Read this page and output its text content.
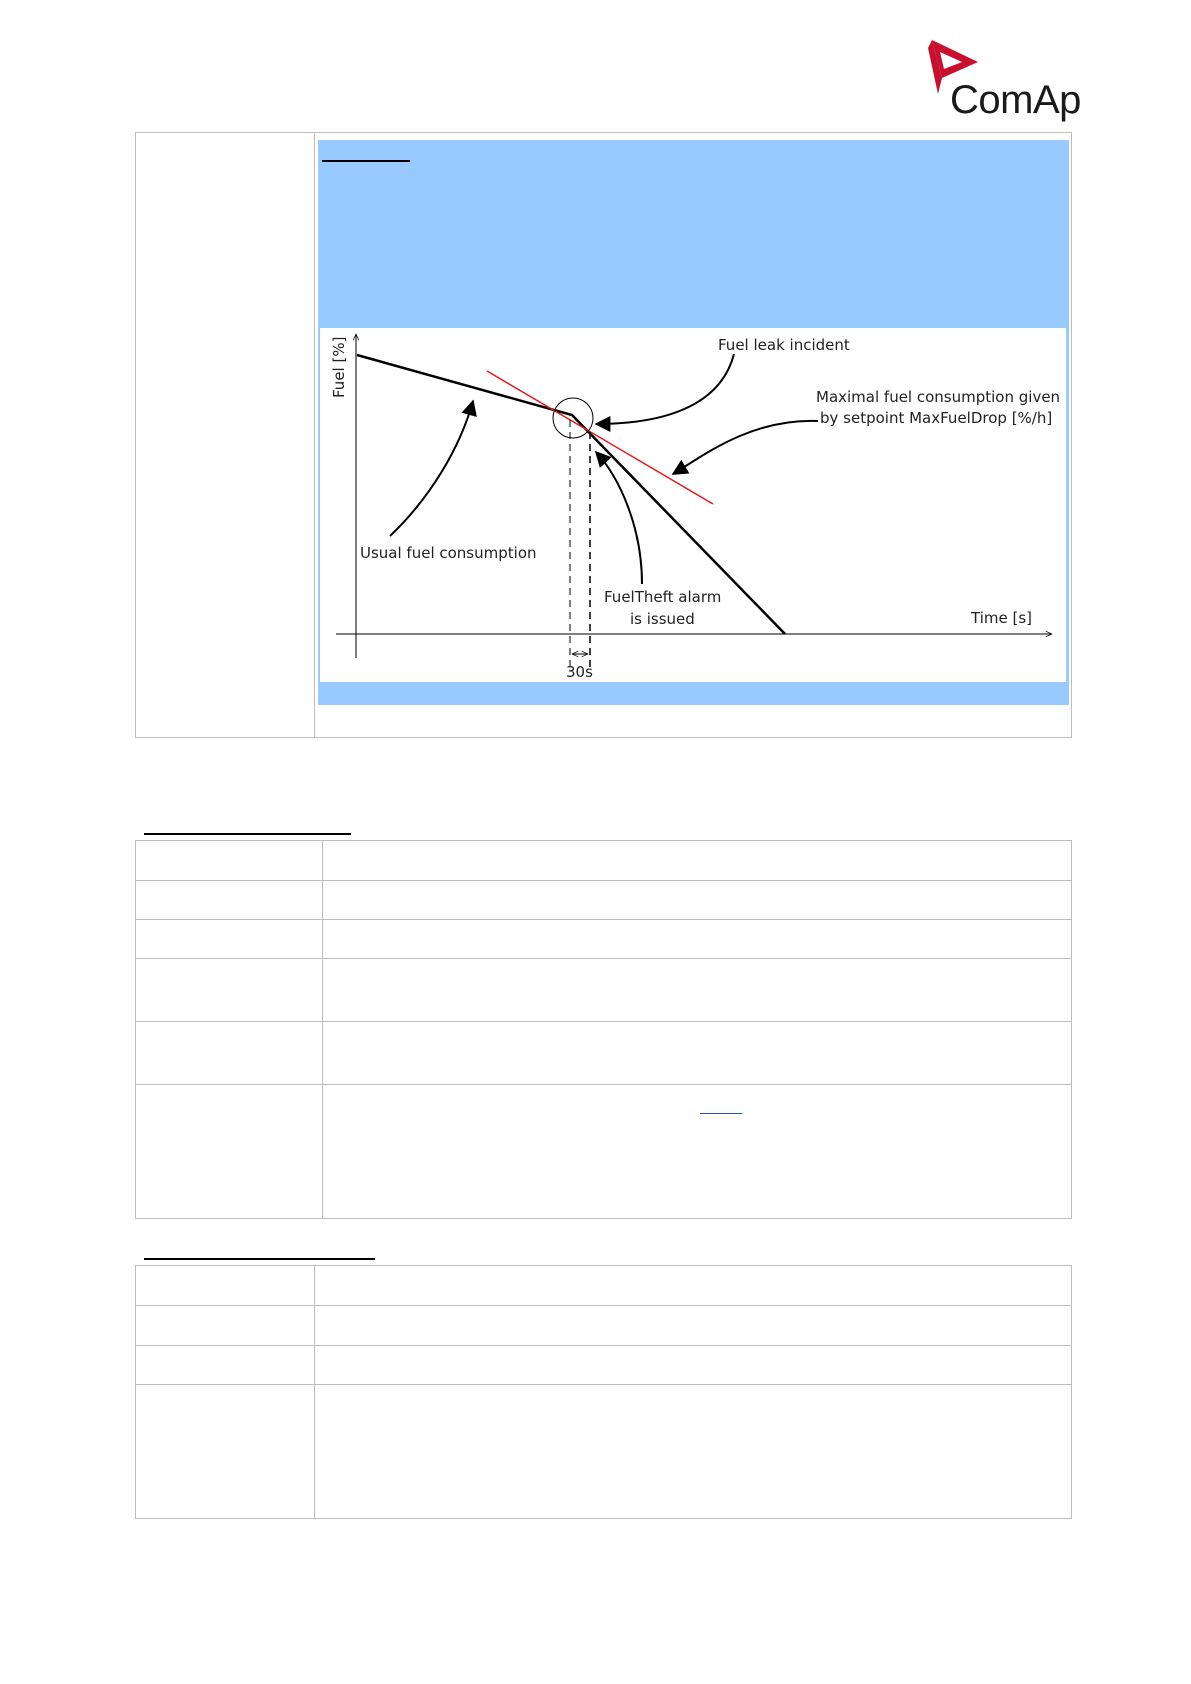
ComAp
Fuel [%]
Time [s]
Fuel leak incident
Maximal fuel consumption given
by setpoint MaxFuelDrop [%/h]
Usual fuel consumption
FuelTheft alarm
is issued
30s
